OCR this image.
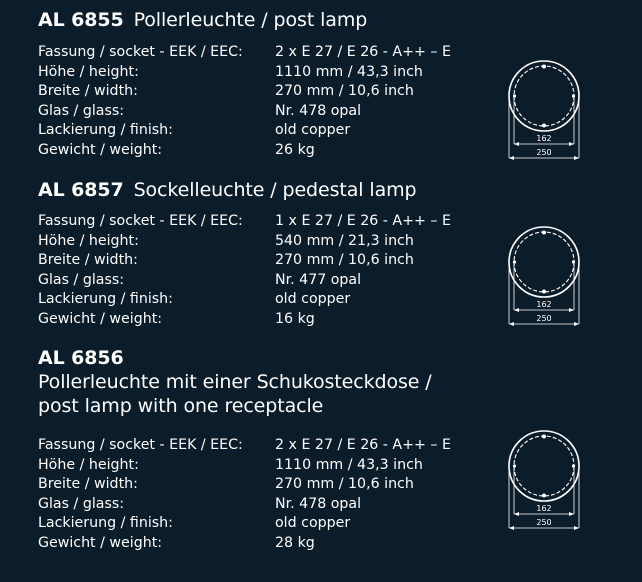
AL 6855 Pollerleuchte / post lamp
Fassung / socket - EEK / EEC: 2 x E 27 / E 26 - A++ – E
Höhe / height:	1110 mm / 43,3 inch
Breite / width:	270 mm / 10,6 inch
Glas / glass:	Nr. 478 opal
Lackierung / finish:	old copper
Gewicht / weight:	26 kg
162
250
AL 6857 Sockelleuchte / pedestal lamp
Fassung / socket - EEK / EEC: 1 x E 27 / E 26 - A++ – E
Höhe / height:	540 mm / 21,3 inch
Breite / width:	270 mm / 10,6 inch
Glas / glass:	Nr. 477 opal
Lackierung / finish:	old copper
Gewicht / weight:	16 kg
162
250
AL 6856
Pollerleuchte mit einer Schukosteckdose /
post lamp with one receptacle
Fassung / socket - EEK / EEC: 2 x E 27 / E 26 - A++ – E
Höhe / height:	1110 mm / 43,3 inch
Breite / width:	270 mm / 10,6 inch
Glas / glass:	Nr. 478 opal
Lackierung / finish:	old copper
Gewicht / weight:	28 kg
162
250
